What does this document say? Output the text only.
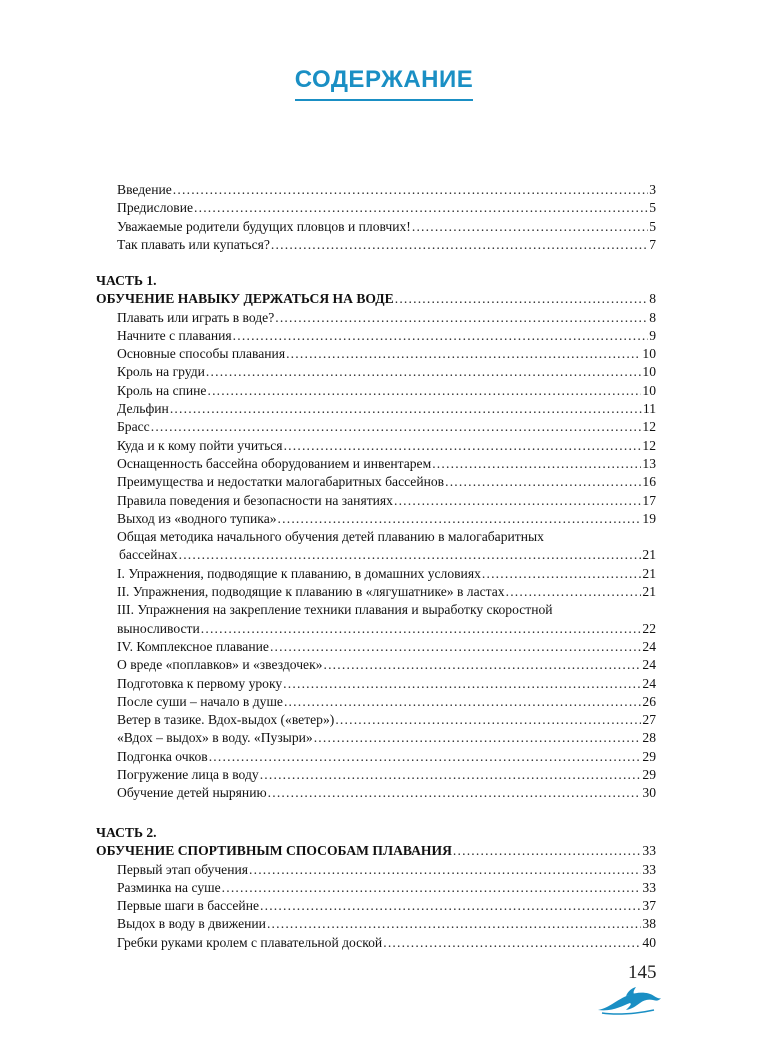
СОДЕРЖАНИЕ
Введение .....	3
Предисловие .....	5
Уважаемые родители будущих пловцов и пловчих! .....	5
Так плавать или купаться? .....	7
ЧАСТЬ 1.
ОБУЧЕНИЕ НАВЫКУ ДЕРЖАТЬСЯ НА ВОДЕ .....	8
Плавать или играть в воде? .....	8
Начните с плавания .....	9
Основные способы плавания .....	10
Кроль на груди .....	10
Кроль на спине .....	10
Дельфин .....	11
Брасс .....	12
Куда и к кому пойти учиться .....	12
Оснащенность бассейна оборудованием и инвентарем .....	13
Преимущества и недостатки малогабаритных бассейнов .....	16
Правила поведения и безопасности на занятиях .....	17
Выход из «водного тупика» .....	19
Общая методика начального обучения детей плаванию в малогабаритных
бассейнах .....	21
I. Упражнения, подводящие к плаванию, в домашних условиях .....	21
II. Упражнения, подводящие к плаванию в «лягушатнике» в ластах .....	21
III. Упражнения на закрепление техники плавания и выработку скоростной
выносливости .....	22
IV. Комплексное плавание .....	24
О вреде «поплавков» и «звездочек» .....	24
Подготовка к первому уроку .....	24
После суши – начало в душе .....	26
Ветер в тазике. Вдох-выдох («ветер») .....	27
«Вдох – выдох» в воду. «Пузыри» .....	28
Подгонка очков .....	29
Погружение лица в воду .....	29
Обучение детей нырянию .....	30
ЧАСТЬ 2.
ОБУЧЕНИЕ СПОРТИВНЫМ СПОСОБАМ ПЛАВАНИЯ .....	33
Первый этап обучения .....	33
Разминка на суше .....	33
Первые шаги в бассейне .....	37
Выдох в воду в движении .....	38
Гребки руками кролем с плавательной доской .....	40
145
